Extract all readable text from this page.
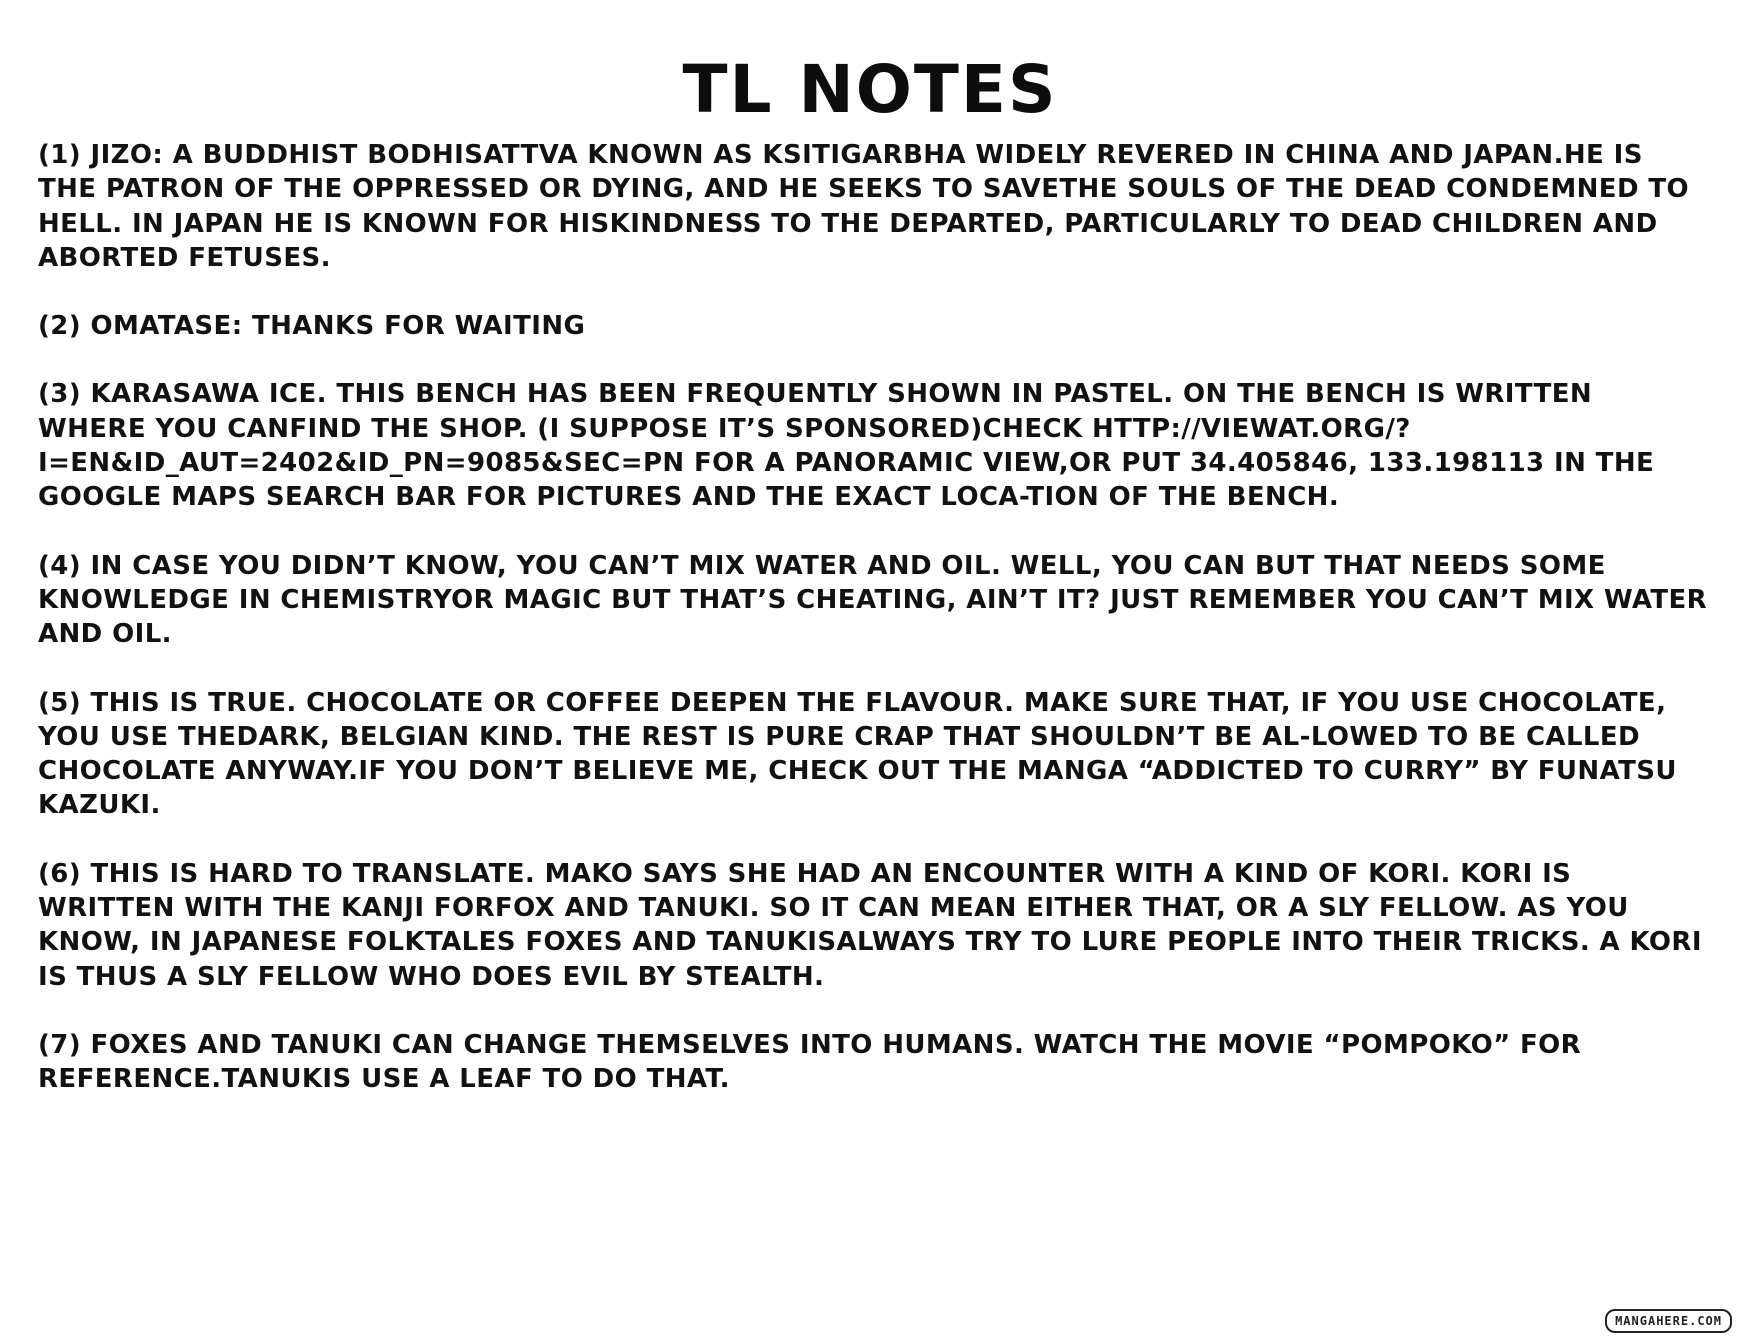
TL NOTES

(1) JIZO: A BUDDHIST BODHISATTVA KNOWN AS KSITIGARBHA WIDELY REVERED IN CHINA AND JAPAN.HE IS THE PATRON OF THE OPPRESSED OR DYING, AND HE SEEKS TO SAVETHE SOULS OF THE DEAD CONDEMNED TO HELL. IN JAPAN HE IS KNOWN FOR HISKINDNESS TO THE DEPARTED, PARTICULARLY TO DEAD CHILDREN AND ABORTED FETUSES.

(2) OMATASE: THANKS FOR WAITING

(3) KARASAWA ICE. THIS BENCH HAS BEEN FREQUENTLY SHOWN IN PASTEL. ON THE BENCH IS WRITTEN WHERE YOU CANFIND THE SHOP. (I SUPPOSE IT’S SPONSORED)CHECK HTTP://VIEWAT.ORG/?I=EN&ID_AUT=2402&ID_PN=9085&SEC=PN FOR A PANORAMIC VIEW,OR PUT 34.405846, 133.198113 IN THE GOOGLE MAPS SEARCH BAR FOR PICTURES AND THE EXACT LOCA-TION OF THE BENCH.

(4) IN CASE YOU DIDN’T KNOW, YOU CAN’T MIX WATER AND OIL. WELL, YOU CAN BUT THAT NEEDS SOME KNOWLEDGE IN CHEMISTRYOR MAGIC BUT THAT’S CHEATING, AIN’T IT? JUST REMEMBER YOU CAN’T MIX WATER AND OIL.

(5) THIS IS TRUE. CHOCOLATE OR COFFEE DEEPEN THE FLAVOUR. MAKE SURE THAT, IF YOU USE CHOCOLATE, YOU USE THEDARK, BELGIAN KIND. THE REST IS PURE CRAP THAT SHOULDN’T BE AL-LOWED TO BE CALLED CHOCOLATE ANYWAY.IF YOU DON’T BELIEVE ME, CHECK OUT THE MANGA “ADDICTED TO CURRY” BY FUNATSU KAZUKI.

(6) THIS IS HARD TO TRANSLATE. MAKO SAYS SHE HAD AN ENCOUNTER WITH A KIND OF KORI. KORI IS WRITTEN WITH THE KANJI FORFOX AND TANUKI. SO IT CAN MEAN EITHER THAT, OR A SLY FELLOW. AS YOU KNOW, IN JAPANESE FOLKTALES FOXES AND TANUKISALWAYS TRY TO LURE PEOPLE INTO THEIR TRICKS. A KORI IS THUS A SLY FELLOW WHO DOES EVIL BY STEALTH.

(7) FOXES AND TANUKI CAN CHANGE THEMSELVES INTO HUMANS. WATCH THE MOVIE “POMPOKO” FOR REFERENCE.TANUKIS USE A LEAF TO DO THAT.

MANGAHERE.COM
